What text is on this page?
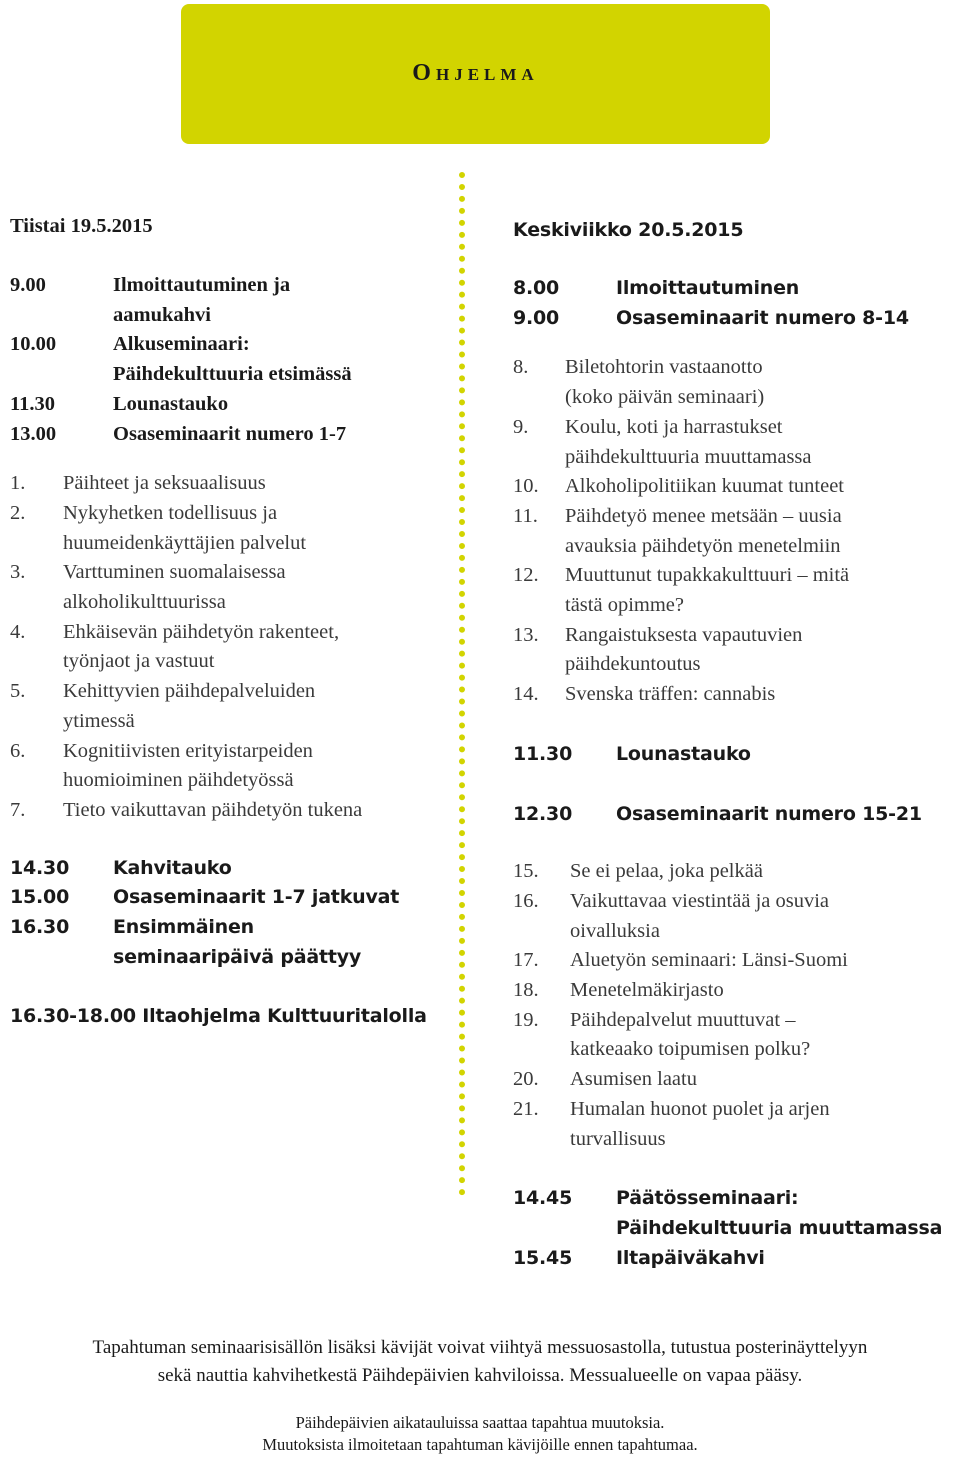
Ohjelma
Tiistai 19.5.2015
9.00	Ilmoittautuminen ja
aamukahvi
10.00	Alkuseminaari:
Päihdekulttuuria etsimässä
11.30	Lounastauko
13.00	Osaseminaarit numero 1-7
1.	Päihteet ja seksuaalisuus
2.	Nykyhetken todellisuus ja
huumeidenkäyttäjien palvelut
3.	Varttuminen suomalaisessa
alkoholikulttuurissa
4.	Ehkäisevän päihdetyön rakenteet,
työnjaot ja vastuut
5.	Kehittyvien päihdepalveluiden
ytimessä
6.	Kognitiivisten erityistarpeiden
huomioiminen päihdetyössä
7.	Tieto vaikuttavan päihdetyön tukena
14.30	Kahvitauko
15.00	Osaseminaarit 1-7 jatkuvat
16.30	Ensimmäinen
seminaaripäivä päättyy
16.30-18.00 Iltaohjelma Kulttuuritalolla
Keskiviikko 20.5.2015
8.00	Ilmoittautuminen
9.00	Osaseminaarit numero 8-14
8.	Biletohtorin vastaanotto
(koko päivän seminaari)
9.	Koulu, koti ja harrastukset
päihdekulttuuria muuttamassa
10.	Alkoholipolitiikan kuumat tunteet
11.	Päihdetyö menee metsään – uusia
avauksia päihdetyön menetelmiin
12.	Muuttunut tupakkakulttuuri – mitä
tästä opimme?
13.	Rangaistuksesta vapautuvien
päihdekuntoutus
14.	Svenska träffen: cannabis
11.30	Lounastauko
12.30	Osaseminaarit numero 15-21
15.	Se ei pelaa, joka pelkää
16.	Vaikuttavaa viestintää ja osuvia
oivalluksia
17.	Aluetyön seminaari: Länsi-Suomi
18.	Menetelmäkirjasto
19.	Päihdepalvelut muuttuvat –
katkeaako toipumisen polku?
20.	Asumisen laatu
21.	Humalan huonot puolet ja arjen
turvallisuus
14.45	Päätösseminaari:
Päihdekulttuuria muuttamassa
15.45	Iltapäiväkahvi
Tapahtuman seminaarisisällön lisäksi kävijät voivat viihtyä messuosastolla, tutustua posterinäyttelyyn
sekä nauttia kahvihetkestä Päihdepäivien kahviloissa. Messualueelle on vapaa pääsy.
Päihdepäivien aikatauluissa saattaa tapahtua muutoksia.
Muutoksista ilmoitetaan tapahtuman kävijöille ennen tapahtumaa.
